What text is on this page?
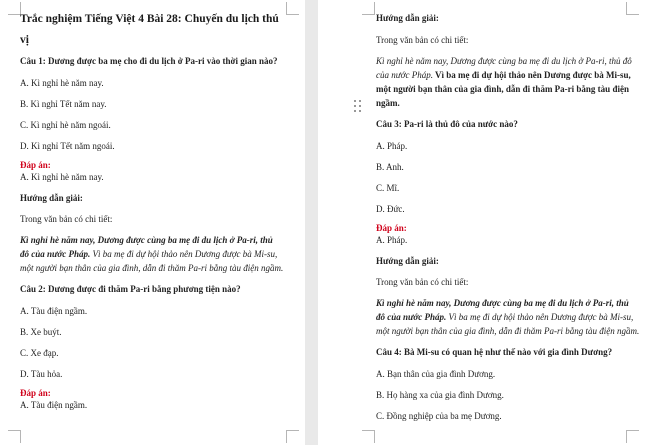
Trắc nghiệm Tiếng Việt 4 Bài 28: Chuyến du lịch thú
vị
Câu 1: Dương được ba mẹ cho đi du lịch ở Pa-ri vào thời gian nào?
A. Kì nghỉ hè năm nay.
B. Kì nghỉ Tết năm nay.
C. Kì nghỉ hè năm ngoái.
D. Kì nghỉ Tết năm ngoái.
Đáp án:
A. Kì nghỉ hè năm nay.
Hướng dẫn giải:
Trong văn bản có chi tiết:
Kì nghỉ hè năm nay, Dương được cùng ba mẹ đi du lịch ở Pa-ri, thủ
đô của nước Pháp. Vì ba mẹ đi dự hội thảo nên Dương được bà Mi-su,
một người bạn thân của gia đình, dẫn đi thăm Pa-ri bằng tàu điện ngầm.
Câu 2: Dương được đi thăm Pa-ri bằng phương tiện nào?
A. Tàu điện ngầm.
B. Xe buýt.
C. Xe đạp.
D. Tàu hỏa.
Đáp án:
A. Tàu điện ngầm.
Hướng dẫn giải:
Trong văn bản có chi tiết:
Kì nghỉ hè năm nay, Dương được cùng ba mẹ đi du lịch ở Pa-ri, thủ đô
của nước Pháp. Vì ba mẹ đi dự hội thảo nên Dương được bà Mi-su,
một người bạn thân của gia đình, dẫn đi thăm Pa-ri bằng tàu điện
ngầm.
Câu 3: Pa-ri là thủ đô của nước nào?
A. Pháp.
B. Anh.
C. Mĩ.
D. Đức.
Đáp án:
A. Pháp.
Hướng dẫn giải:
Trong văn bản có chi tiết:
Kì nghỉ hè năm nay, Dương được cùng ba mẹ đi du lịch ở Pa-ri, thủ
đô của nước Pháp. Vì ba mẹ đi dự hội thảo nên Dương được bà Mi-su,
một người bạn thân của gia đình, dẫn đi thăm Pa-ri bằng tàu điện ngầm.
Câu 4: Bà Mi-su có quan hệ như thế nào với gia đình Dương?
A. Bạn thân của gia đình Dương.
B. Họ hàng xa của gia đình Dương.
C. Đồng nghiệp của ba mẹ Dương.
